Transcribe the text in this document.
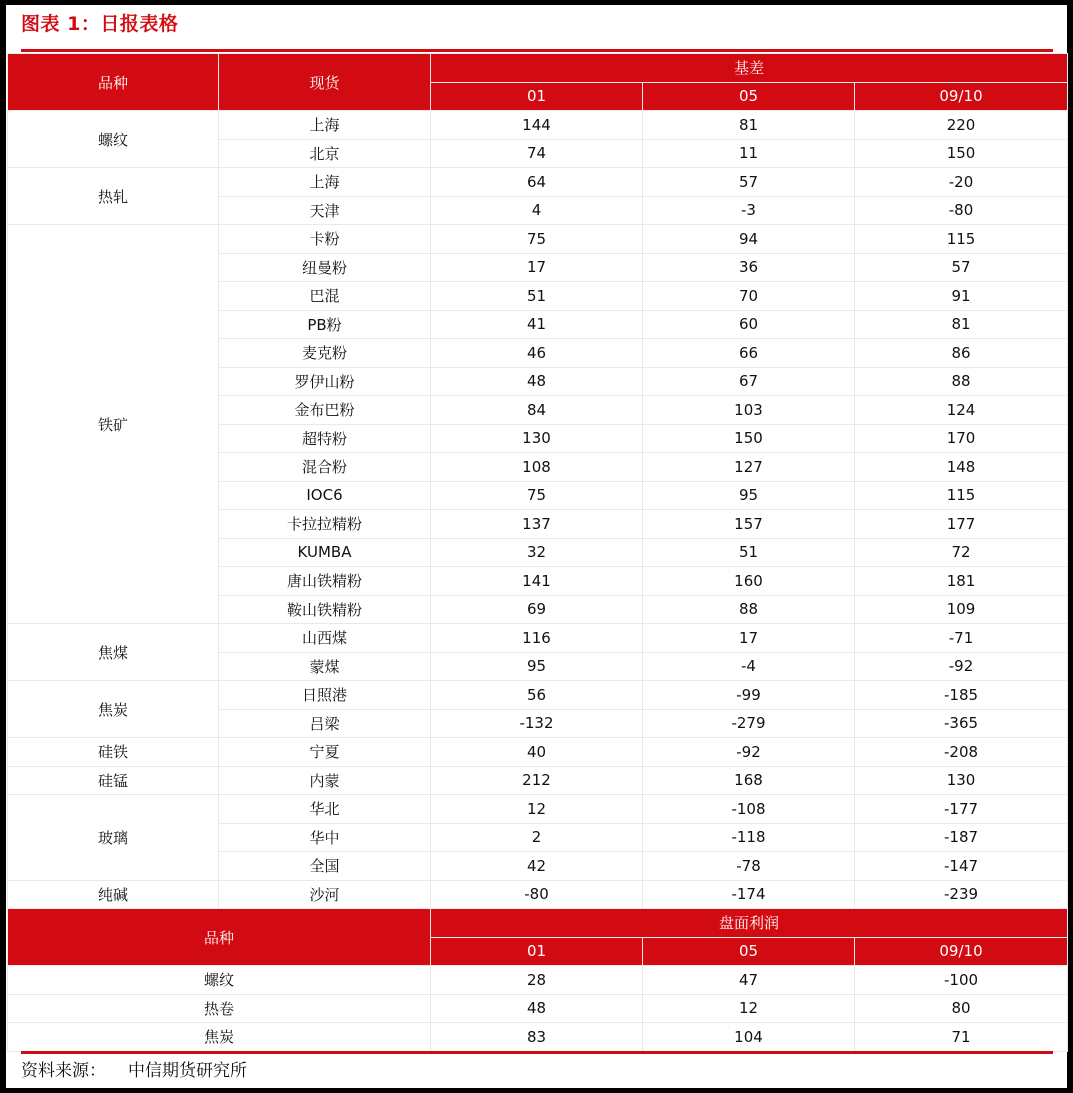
图表 1：日报表格
品种	现货	基差		
		01	05	09/10
螺纹	上海	144	81	220
	北京	74	11	150
热轧	上海	64	57	-20
	天津	4	-3	-80
铁矿	卡粉	75	94	115
	纽曼粉	17	36	57
	巴混	51	70	91
	PB粉	41	60	81
	麦克粉	46	66	86
	罗伊山粉	48	67	88
	金布巴粉	84	103	124
	超特粉	130	150	170
	混合粉	108	127	148
	IOC6	75	95	115
	卡拉拉精粉	137	157	177
	KUMBA	32	51	72
	唐山铁精粉	141	160	181
	鞍山铁精粉	69	88	109
焦煤	山西煤	116	17	-71
	蒙煤	95	-4	-92
焦炭	日照港	56	-99	-185
	吕梁	-132	-279	-365
硅铁	宁夏	40	-92	-208
硅锰	内蒙	212	168	130
玻璃	华北	12	-108	-177
	华中	2	-118	-187
	全国	42	-78	-147
纯碱	沙河	-80	-174	-239
品种	盘面利润		
	01	05	09/10
螺纹	28	47	-100
热卷	48	12	80
焦炭	83	104	71
资料来源： 中信期货研究所
